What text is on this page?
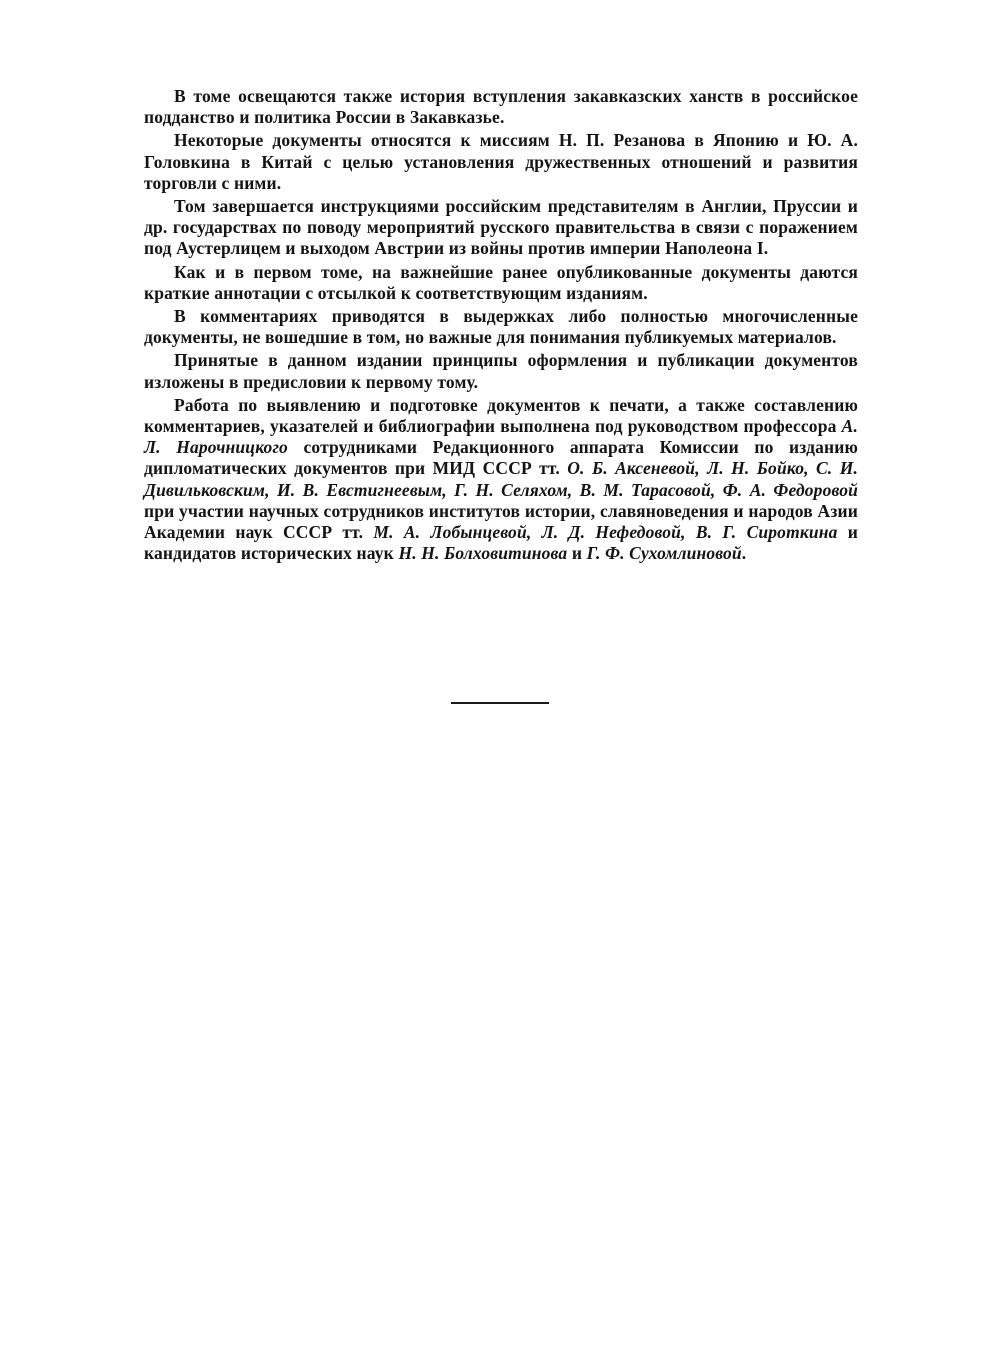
В томе освещаются также история вступления закавказских ханств в российское подданство и политика России в Закавказье.

Некоторые документы относятся к миссиям Н. П. Резанова в Японию и Ю. А. Головкина в Китай с целью установления дружественных отношений и развития торговли с ними.

Том завершается инструкциями российским представителям в Англии, Пруссии и др. государствах по поводу мероприятий русского правительства в связи с поражением под Аустерлицем и выходом Австрии из войны против империи Наполеона I.

Как и в первом томе, на важнейшие ранее опубликованные документы даются краткие аннотации с отсылкой к соответствующим изданиям.

В комментариях приводятся в выдержках либо полностью многочисленные документы, не вошедшие в том, но важные для понимания публикуемых материалов.

Принятые в данном издании принципы оформления и публикации документов изложены в предисловии к первому тому.

Работа по выявлению и подготовке документов к печати, а также составлению комментариев, указателей и библиографии выполнена под руководством профессора А. Л. Нарочницкого сотрудниками Редакционного аппарата Комиссии по изданию дипломатических документов при МИД СССР тт. О. Б. Аксеневой, Л. Н. Бойко, С. И. Дивильковским, И. В. Евстигнеевым, Г. Н. Селяхом, В. М. Тарасовой, Ф. А. Федоровой при участии научных сотрудников институтов истории, славяноведения и народов Азии Академии наук СССР тт. М. А. Лобынцевой, Л. Д. Нефедовой, В. Г. Сироткина и кандидатов исторических наук Н. Н. Болховитинова и Г. Ф. Сухомлиновой.
